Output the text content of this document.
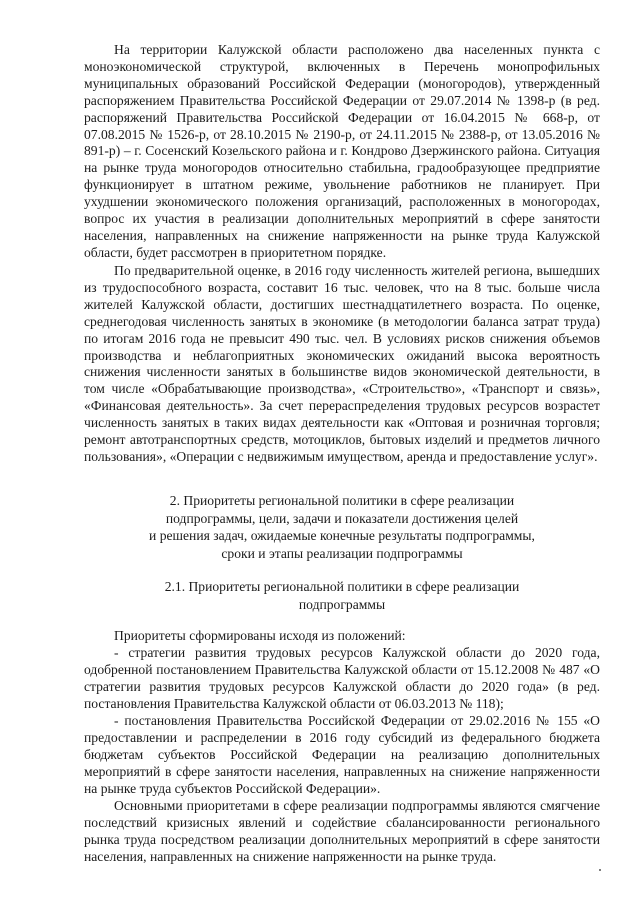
На территории Калужской области расположено два населенных пункта с моноэкономической структурой, включенных в Перечень монопрофильных муниципальных образований Российской Федерации (моногородов), утвержденный распоряжением Правительства Российской Федерации от 29.07.2014 № 1398-р (в ред. распоряжений Правительства Российской Федерации от 16.04.2015 № 668-р, от 07.08.2015 № 1526-р, от 28.10.2015 № 2190-р, от 24.11.2015 № 2388-р, от 13.05.2016 № 891-р) – г. Сосенский Козельского района и г. Кондрово Дзержинского района. Ситуация на рынке труда моногородов относительно стабильна, градообразующее предприятие функционирует в штатном режиме, увольнение работников не планирует. При ухудшении экономического положения организаций, расположенных в моногородах, вопрос их участия в реализации дополнительных мероприятий в сфере занятости населения, направленных на снижение напряженности на рынке труда Калужской области, будет рассмотрен в приоритетном порядке.

По предварительной оценке, в 2016 году численность жителей региона, вышедших из трудоспособного возраста, составит 16 тыс. человек, что на 8 тыс. больше числа жителей Калужской области, достигших шестнадцатилетнего возраста. По оценке, среднегодовая численность занятых в экономике (в методологии баланса затрат труда) по итогам 2016 года не превысит 490 тыс. чел. В условиях рисков снижения объемов производства и неблагоприятных экономических ожиданий высока вероятность снижения численности занятых в большинстве видов экономической деятельности, в том числе «Обрабатывающие производства», «Строительство», «Транспорт и связь», «Финансовая деятельность». За счет перераспределения трудовых ресурсов возрастет численность занятых в таких видах деятельности как «Оптовая и розничная торговля; ремонт автотранспортных средств, мотоциклов, бытовых изделий и предметов личного пользования», «Операции с недвижимым имуществом, аренда и предоставление услуг».

2. Приоритеты региональной политики в сфере реализации
подпрограммы, цели, задачи и показатели достижения целей
и решения задач, ожидаемые конечные результаты подпрограммы,
сроки и этапы реализации подпрограммы
2.1. Приоритеты региональной политики в сфере реализации
подпрограммы

Приоритеты сформированы исходя из положений:

- стратегии развития трудовых ресурсов Калужской области до 2020 года, одобренной постановлением Правительства Калужской области от 15.12.2008 № 487 «О стратегии развития трудовых ресурсов Калужской области до 2020 года» (в ред. постановления Правительства Калужской области от 06.03.2013 № 118);

- постановления Правительства Российской Федерации от 29.02.2016 № 155 «О предоставлении и распределении в 2016 году субсидий из федерального бюджета бюджетам субъектов Российской Федерации на реализацию дополнительных мероприятий в сфере занятости населения, направленных на снижение напряженности на рынке труда субъектов Российской Федерации».

Основными приоритетами в сфере реализации подпрограммы являются смягчение последствий кризисных явлений и содействие сбалансированности регионального рынка труда посредством реализации дополнительных мероприятий в сфере занятости населения, направленных на снижение напряженности на рынке труда.
